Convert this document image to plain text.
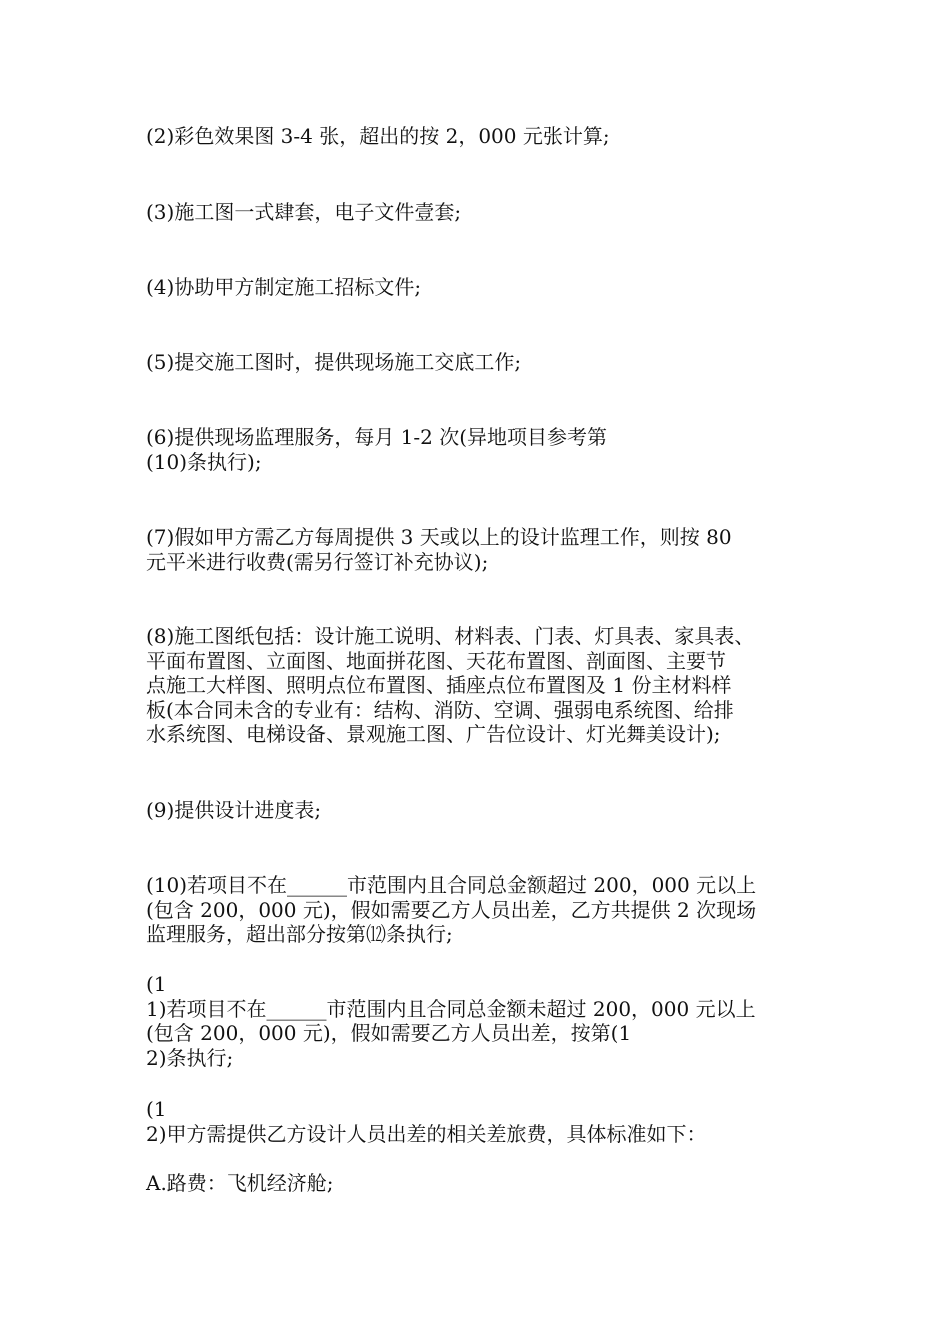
(2)彩色效果图 3-4 张，超出的按 2，000 元张计算;

(3)施工图一式肆套，电子文件壹套;

(4)协助甲方制定施工招标文件;

(5)提交施工图时，提供现场施工交底工作;

(6)提供现场监理服务，每月 1-2 次(异地项目参考第
(10)条执行);

(7)假如甲方需乙方每周提供 3 天或以上的设计监理工作，则按 80
元平米进行收费(需另行签订补充协议);

(8)施工图纸包括：设计施工说明、材料表、门表、灯具表、家具表、
平面布置图、立面图、地面拼花图、天花布置图、剖面图、主要节
点施工大样图、照明点位布置图、插座点位布置图及 1 份主材料样
板(本合同未含的专业有：结构、消防、空调、强弱电系统图、给排
水系统图、电梯设备、景观施工图、广告位设计、灯光舞美设计);

(9)提供设计进度表;

(10)若项目不在______市范围内且合同总金额超过 200，000 元以上
(包含 200，000 元)，假如需要乙方人员出差，乙方共提供 2 次现场
监理服务，超出部分按第⑿条执行;

(1
1)若项目不在______市范围内且合同总金额未超过 200，000 元以上
(包含 200，000 元)，假如需要乙方人员出差，按第(1
2)条执行;

(1
2)甲方需提供乙方设计人员出差的相关差旅费，具体标准如下：

A.路费：飞机经济舱;
